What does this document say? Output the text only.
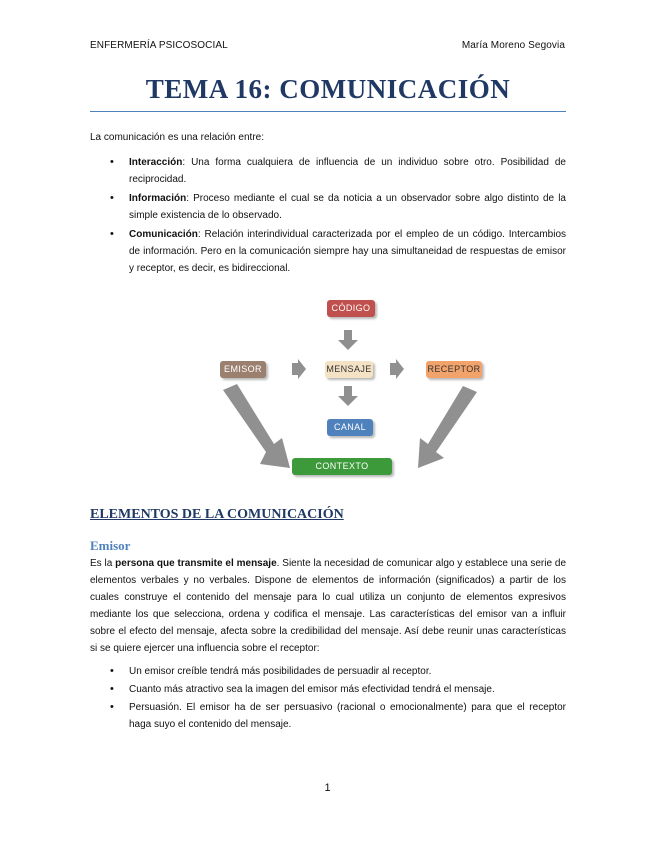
ENFERMERÍA PSICOSOCIAL	María Moreno Segovia
TEMA 16: COMUNICACIÓN
La comunicación es una relación entre:
• Interacción: Una forma cualquiera de influencia de un individuo sobre otro. Posibilidad de reciprocidad.
• Información: Proceso mediante el cual se da noticia a un observador sobre algo distinto de la simple existencia de lo observado.
• Comunicación: Relación interindividual caracterizada por el empleo de un código. Intercambios de información. Pero en la comunicación siempre hay una simultaneidad de respuestas de emisor y receptor, es decir, es bidireccional.
CÓDIGO
EMISOR	MENSAJE	RECEPTOR
CANAL
CONTEXTO
ELEMENTOS DE LA COMUNICACIÓN
Emisor

Es la persona que transmite el mensaje. Siente la necesidad de comunicar algo y establece una serie de elementos verbales y no verbales. Dispone de elementos de información (significados) a partir de los cuales construye el contenido del mensaje para lo cual utiliza un conjunto de elementos expresivos mediante los que selecciona, ordena y codifica el mensaje. Las características del emisor van a influir sobre el efecto del mensaje, afecta sobre la credibilidad del mensaje. Así debe reunir unas características si se quiere ejercer una influencia sobre el receptor:

• Un emisor creíble tendrá más posibilidades de persuadir al receptor.
• Cuanto más atractivo sea la imagen del emisor más efectividad tendrá el mensaje.
• Persuasión. El emisor ha de ser persuasivo (racional o emocionalmente) para que el receptor haga suyo el contenido del mensaje.
1
